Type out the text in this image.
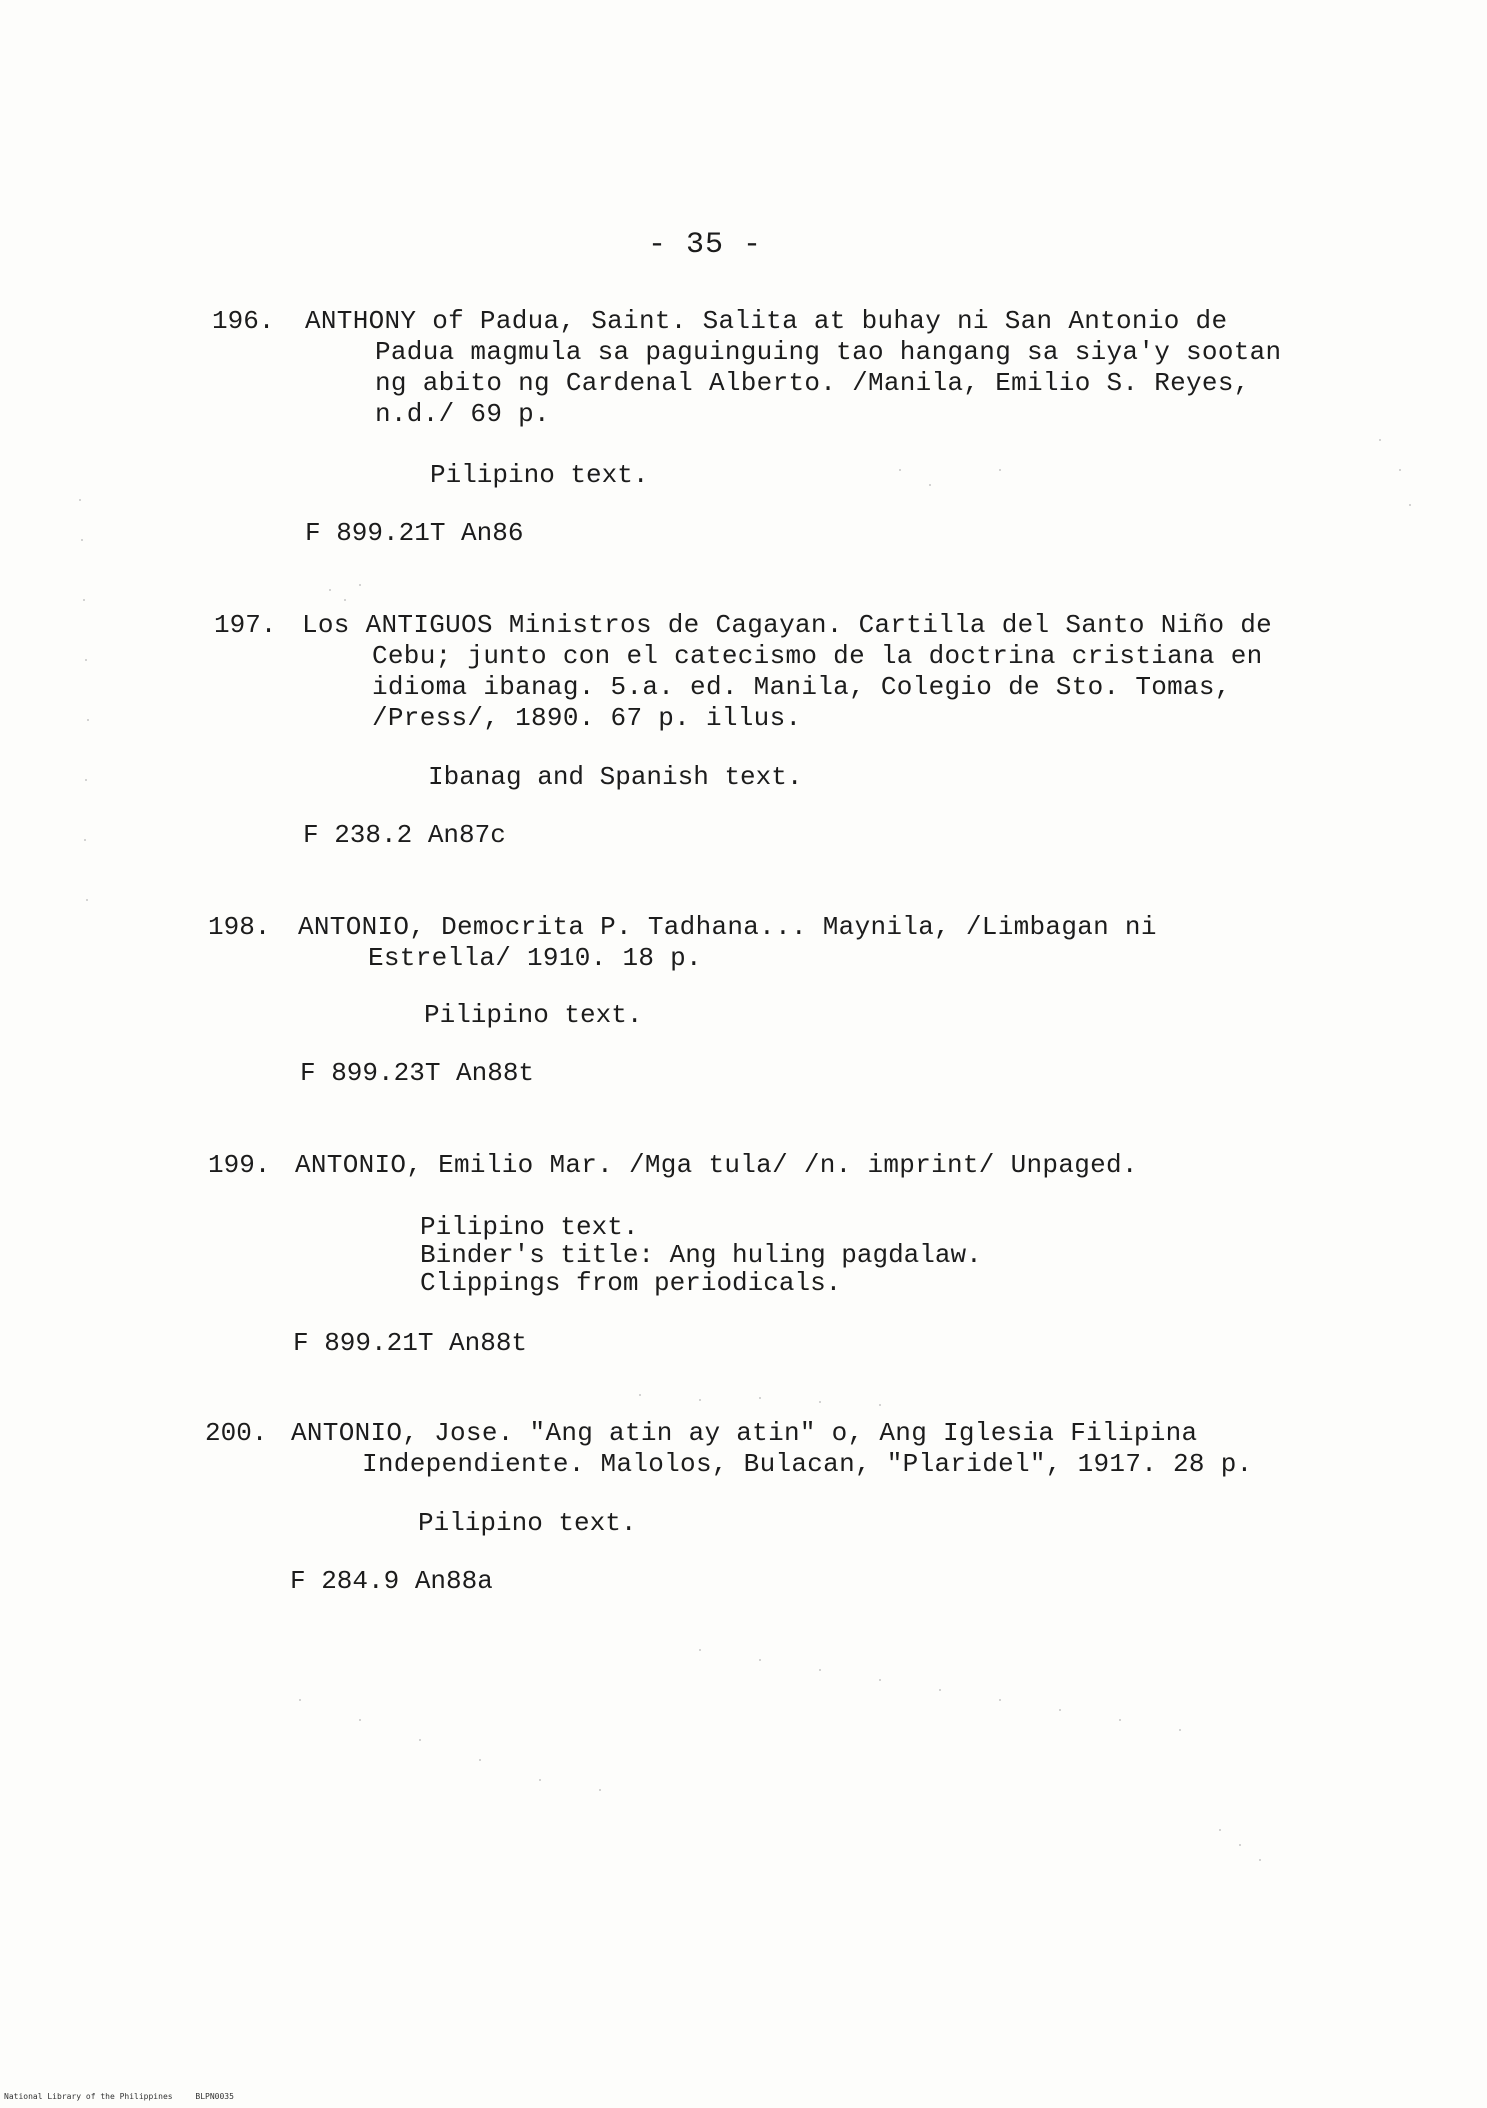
- 35 -
196. ANTHONY of Padua, Saint. Salita at buhay ni San Antonio de
Padua magmula sa paguinguing tao hangang sa siya'y sootan
ng abito ng Cardenal Alberto. /Manila, Emilio S. Reyes,
n.d./ 69 p.
Pilipino text.
F 899.21T An86
197. Los ANTIGUOS Ministros de Cagayan. Cartilla del Santo Niño de
Cebu; junto con el catecismo de la doctrina cristiana en
idioma ibanag. 5.a. ed. Manila, Colegio de Sto. Tomas,
/Press/, 1890. 67 p. illus.
Ibanag and Spanish text.
F 238.2 An87c
198. ANTONIO, Democrita P. Tadhana... Maynila, /Limbagan ni
Estrella/ 1910. 18 p.
Pilipino text.
F 899.23T An88t
199. ANTONIO, Emilio Mar. /Mga tula/ /n. imprint/ Unpaged.
Pilipino text.
Binder's title: Ang huling pagdalaw.
Clippings from periodicals.
F 899.21T An88t
200. ANTONIO, Jose. "Ang atin ay atin" o, Ang Iglesia Filipina
Independiente. Malolos, Bulacan, "Plaridel", 1917. 28 p.
Pilipino text.
F 284.9 An88a
National Library of the Philippines	BLPN0035
